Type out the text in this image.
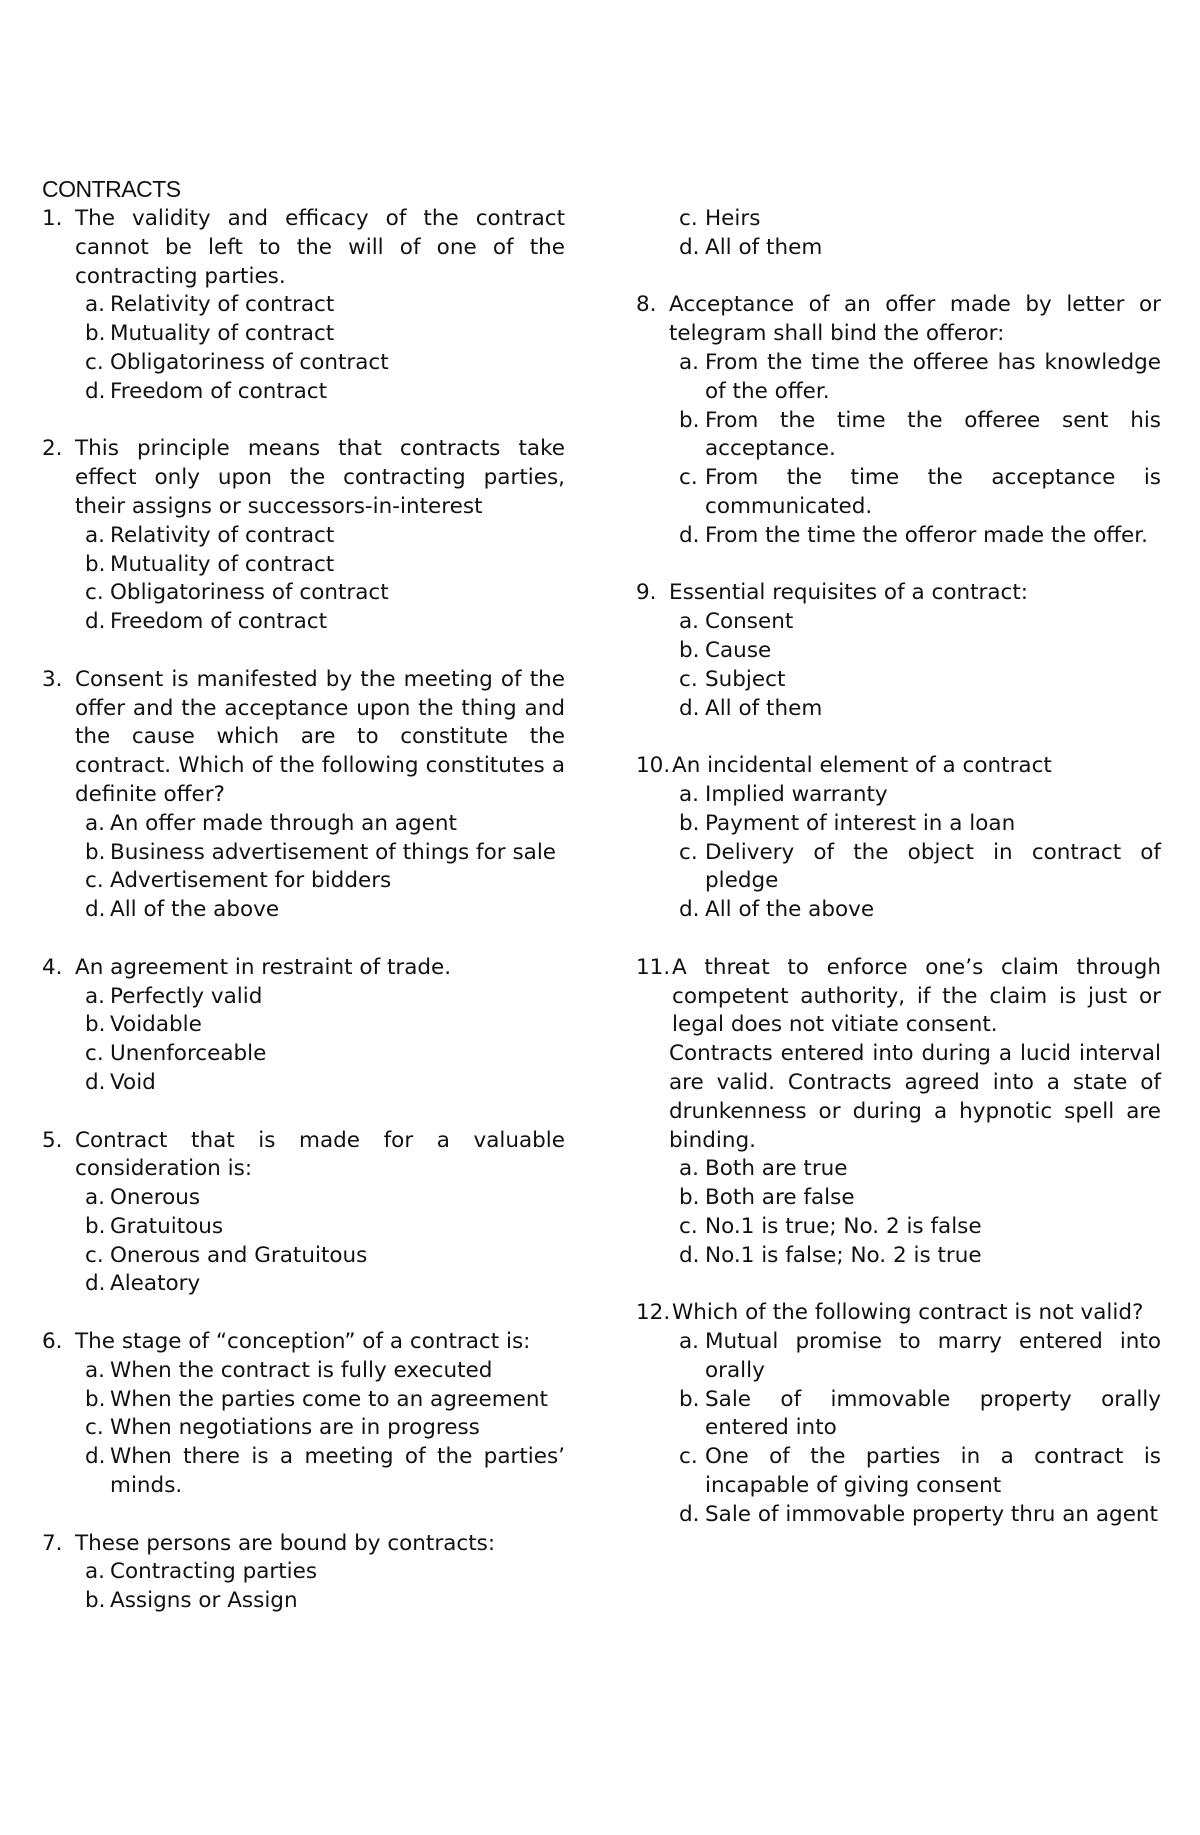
CONTRACTS
1. The validity and efficacy of the contract cannot be left to the will of one of the contracting parties.
a. Relativity of contract
b. Mutuality of contract
c. Obligatoriness of contract
d. Freedom of contract
2. This principle means that contracts take effect only upon the contracting parties, their assigns or successors-in-interest
a. Relativity of contract
b. Mutuality of contract
c. Obligatoriness of contract
d. Freedom of contract
3. Consent is manifested by the meeting of the offer and the acceptance upon the thing and the cause which are to constitute the contract. Which of the following constitutes a definite offer?
a. An offer made through an agent
b. Business advertisement of things for sale
c. Advertisement for bidders
d. All of the above
4. An agreement in restraint of trade.
a. Perfectly valid
b. Voidable
c. Unenforceable
d. Void
5. Contract that is made for a valuable consideration is:
a. Onerous
b. Gratuitous
c. Onerous and Gratuitous
d. Aleatory
6. The stage of “conception” of a contract is:
a. When the contract is fully executed
b. When the parties come to an agreement
c. When negotiations are in progress
d. When there is a meeting of the parties’ minds.
7. These persons are bound by contracts:
a. Contracting parties
b. Assigns or Assign
c. Heirs
d. All of them
8. Acceptance of an offer made by letter or telegram shall bind the offeror:
a. From the time the offeree has knowledge of the offer.
b. From the time the offeree sent his acceptance.
c. From the time the acceptance is communicated.
d. From the time the offeror made the offer.
9. Essential requisites of a contract:
a. Consent
b. Cause
c. Subject
d. All of them
10. An incidental element of a contract
a. Implied warranty
b. Payment of interest in a loan
c. Delivery of the object in contract of pledge
d. All of the above
11. A threat to enforce one’s claim through competent authority, if the claim is just or legal does not vitiate consent.
Contracts entered into during a lucid interval are valid. Contracts agreed into a state of drunkenness or during a hypnotic spell are binding.
a. Both are true
b. Both are false
c. No.1 is true; No. 2 is false
d. No.1 is false; No. 2 is true
12. Which of the following contract is not valid?
a. Mutual promise to marry entered into orally
b. Sale of immovable property orally entered into
c. One of the parties in a contract is incapable of giving consent
d. Sale of immovable property thru an agent
